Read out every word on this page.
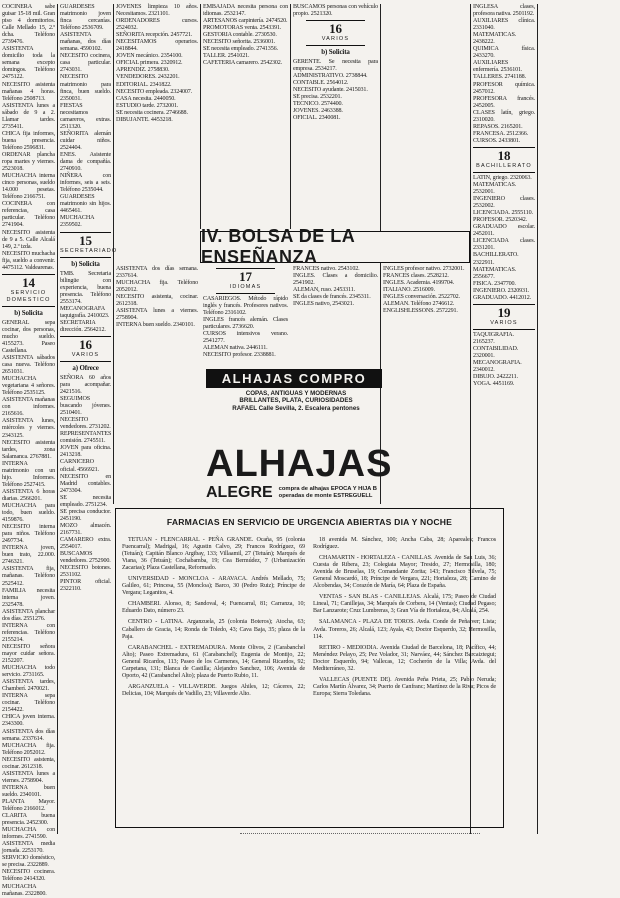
COCINERA sabe guisar 15-18 mil. Gran piso 4 dormitorios. Calle Mellado 15, 2.º dcha. Teléfono 2739476.

ASISTENTA domicilio toda la semana excepto domingos. Teléfono 2475122.

NECESITO asistenta mañanas 4 horas. Teléfono 2508713.

ASISTENTA lunes a sábado de 9 a 2. Llamar tardes. 2735411.

CHICA fija informes, buena presencia. Teléfono 2596831.

ORDENAR plancha ropa martes y viernes. 2523018.

MUCHACHA interna cinco personas, sueldo 14.000 pesetas. Teléfono 2166751.

COCINERA con referencias, casa particular. Teléfono 2741904.

NECESITO asistenta de 9 a 5. Calle Alcalá 149, 2.º izda.

NECESITO muchacha fija, sueldo a convenir. 4475112. Valdearenas.

14
SERVICIO DOMESTICO
b) Solicita

GENERAL sepa cocinar, dos personas, mucho sueldo. 4155273. Paseo Castellana.

ASISTENTA sábados casa nueva. Teléfono 2651031.

MUCHACHA vegetariana 4 señores. Teléfono 2535125.

ASISTENTA mañanas con informes. 2165616.

ASISTENTA lunes, miércoles y viernes. 2343125.

NECESITO asistenta tardes, zona Salamanca. 2767881.

INTERNA matrimonio con un hijo. Informes. Teléfono 2527415.

ASISTENTA 6 horas diarias. 2566201.

MUCHACHA para todo, buen sueldo. 4159876.

NECESITO interna para niños. Teléfono 2497734.

INTERNA joven, buen trato, 22.000. 2746321.

ASISTENTA fija, mañanas. Teléfono 2525412.

FAMILIA necesita interna joven. 2325478.

ASISTENTA planchar dos días. 2551276.

INTERNA con referencias. Teléfono 2155214.

NECESITO señora mayor cuidar señora. 2152207.

MUCHACHA todo servicio. 2731165.

ASISTENTA tardes, Chamberí. 2470021.

INTERNA sepa cocinar. Teléfono 2154422.

CHICA joven interna. 2343300.

ASISTENTA dos días semana. 2337614.

MUCHACHA fija. Teléfono 2052012.

NECESITO asistenta, cocinar. 2612318.

ASISTENTA lunes a viernes. 2758904.

INTERNA buen sueldo. 2340101.

PLANTA Mayor. Teléfono 2166012.

CLARITA buena presencia. 2452300.

MUCHACHA con informes. 2741590.

ASISTENTA media jornada. 2253170.

SERVICIO doméstico, se precisa. 2322889.

NECESITO cocinera. Teléfono 2414320.

MUCHACHA mañanas. 2322800.

GUARDESES matrimonio joven finca cercanías. Teléfono 2536709.

ASISTENTA mañanas, dos días semana. 4590102.

NECESITO cocinera, casa particular. 2743031.

NECESITO matrimonio para finca, buen sueldo. 2350031.

FIESTAS necesitamos camareros, extras. 2511320.

SEÑORITA alemán cuidar niños. 2524404.

ENES. Asistente dama de compañía. 2740910.

NIÑERA con informes, seis a seis. Teléfono 2535044.

GUARDESES matrimonio sin hijos. 4465461.

MUCHACHA 2359502.

15
SECRETARIADO
b) Solicita

TMB. Secretaria bilingüe con experiencia, buena presencia. Teléfono 2553174.

MECANOGRAFA taquigrafía. 2410023.

SECRETARIA dirección. 2564212.

16
VARIOS
a) Ofrece

SEÑORA 60 años para acompañar. 2421516.

SEGUIMOS buscando jóvenes. 2510401.

NECESITO vendedores. 2731202.

REPRESENTANTES comisión. 2745511.

JOVEN para oficina. 2413218.

CARNICERO oficial. 4566921.

NECESITO en Madrid contables. 2473304.

SE necesita empleado. 2751234.

SE precisa conductor. 2451190.

MOZO almacén. 2167731.

CAMARERO extra. 2554017.

BUSCAMOS vendedores. 2752900.

NECESITO botones. 2531102.

PINTOR oficial. 2322110.

JOVENES limpieza 10 años. Necesitamos. 2321101.

ORDENADORES cursos. 2524032.

SEÑORITA recepción. 2457721.

NECESITAMOS operarios. 2418844.

JOVEN mecánico. 2354100.

OFICIAL primera. 2320912.

APRENDIZ. 2758830.

VENDEDORES. 2432201.

EDITORIAL. 2341822.

NECESITO empleada. 2324007.

CASA necesita. 2440050.

ESTUDIO tarde. 2732001.

SE necesita cocinera. 2746688.

DIBUJANTE. 4453218.

EMBAJADA necesita persona con idiomas. 2532147.

ARTESANOS carpintería. 2474520.

PROMOTORAS venta. 2543391.

GESTORIA contable. 2730530.

NECESITO señorita. 2536001.

SE necesita empleado. 2741356.

TALLER. 2541021.

CAFETERIA camarero. 2542302.

BUSCAMOS personas con vehículo propio. 2521320.

16
VARIOS
b) Solicita

GERENTE. Se necesita para empresa. 2534217.

ADMINISTRATIVO. 2738844.

CONTABLE. 2564012.

NECESITO ayudante. 2415031.

SE precisa. 2532201.

TECNICO. 2574400.

JOVENES. 2463388.

OFICIAL. 2340081.

INGLESA clases, profesora nativa. 2501192.

AUXILIARES clínica. 2331040.

MATEMATICAS. 2438222.

QUIMICA física. 2433270.

AUXILIARES enfermería. 2536101.

TALLERES. 2741188.

PROFESOR química. 2457012.

PROFESORA francés. 2452005.

CLASES latín, griego. 2310020.

REPASOS. 2165201.

FRANCESA. 2512366.

CURSOS. 2433801.

18
BACHILLERATO

LATIN, griego. 2320063.

MATEMATICAS. 2532001.

INGENIERO clases. 2532002.

LICENCIADA. 2555110.

PROFESOR. 2520342.

GRADUADO escolar. 2452011.

LICENCIADA clases. 2331201.

BACHILLERATO. 2322911.

MATEMATICAS. 2556677.

FISICA. 2347700.

INGENIERO. 2320931.

GRADUADO. 4412012.

19
VARIOS

TAQUIGRAFIA. 2165237.

CONTABILIDAD. 2320001.

MECANOGRAFIA. 2340012.

DIBUJO. 2422211.

YOGA. 4451169.

IV. BOLSA DE LA ENSEÑANZA
17
IDIOMAS

CASARIEGOS. Método rápido inglés y francés. Profesores nativos. Teléfono 2316102.

INGLES francés alemán. Clases particulares. 2736620.

CURSOS intensivos verano. 2541277.

ALEMAN nativa. 2446111.

NECESITO profesor. 2338881.

FRANCES nativo. 2543102.

INGLES. Clases a domicilio. 2541902.

ALEMAN, ruso. 2453311.

SE da clases de francés. 2345311.

INGLES nativo, 2543021.

INGLES profesor nativo. 2732001.

FRANCES clases. 2528212.

INGLES. Academia. 4199704.

ITALIANO. 2516009.

INGLES conversación. 2522702.

ALEMAN. Teléfono 2746612.

ENGLISHLESSONS. 2572291.

ASISTENTA dos días semana. 2337614.

MUCHACHA fija. Teléfono 2052012.

NECESITO asistenta, cocinar. 2612318.

ASISTENTA lunes a viernes. 2758904.

INTERNA buen sueldo. 2340101.

ALHAJAS COMPRO
COPAS, ANTIGUAS Y MODERNAS
BRILLANTES, PLATA, CURIOSIDADES
RAFAEL Calle Sevilla, 2. Escalera pentones
ALHAJAS
ALEGRE compra de alhajas EPOCA Y HIJA B
operadas de monte ESTREGUELL
FARMACIAS EN SERVICIO DE URGENCIA ABIERTAS DIA Y NOCHE

TETUAN - FLENCARRAL - PEÑA GRANDE. Ocaña, 95 (colonia Fuencarral); Madrigal, 16; Agustin Calvo, 29; Francos Rodríguez, 69 (Tetuán); Capitán Blanco Argibay, 133; Villaamil, 27 (Tetuán); Marqués de Viana, 36 (Tetuán); Cochabamba, 19; Cea Bermúdez, 7 (Urbanización Zacarias); Plaza Castellana, Reformado.

UNIVERSIDAD - MONCLOA - ARAVACA. Andrés Mellado, 75; Galileo, 61; Princesa, 55 (Moncloa); Barco, 30 (Pedro Ruiz); Príncipe de Vergara; Leganitos, 4.

CHAMBERI. Alonso, 8; Sandoval, 4; Fuencarral, 81; Carranza, 10; Eduardo Dato, número 23.

CENTRO - LATINA. Arganzuela, 25 (colonia Boteros); Atocha, 63; Caballero de Gracia, 14; Ronda de Toledo, 43; Cava Baja, 35; plaza de la Paja.

CARABANCHEL - EXTREMADURA. Monte Olivos, 2 (Carabanchel Alto); Paseo Extremadura, 61 (Carabanchel); Eugenia de Montijo, 22; General Ricardos, 113; Paseo de los Carmenes, 14; General Ricardos, 92; Carpetana, 131; Blanca de Castilla; Alejandro Sanchez, 106; Avenida de Oporto, 42 (Carabanchel Alto); plaza de Puerto Rubio, 11.

ARGANZUELA - VILLAVERDE. Juegos Ahiles, 12; Cáceres, 22; Delicias, 104; Marqués de Vadillo, 23; Villaverde Alto.

18 avenida M. Sánchez, 100; Ancha Caba, 28; Apareales; Francos Rodríguez.

CHAMARTIN - HORTALEZA - CANILLAS. Avenida de San Luis, 36; Cuesta de Ribera, 23; Colegiata Mayor; Tresido, 27; Hermosilla, 180; Avenida de Bruselas, 19; Comandante Zorita; 143; Francisco Silvela, 75; General Moscardó, 18; Príncipe de Vergara, 221; Hortaleza, 28; Camino de Alcobendas, 34; Corazón de María, 64; Plaza de España.

VENTAS - SAN BLAS - CANILLEJAS. Alcalá, 175; Paseo de Ciudad Lineal, 71; Canillejas, 34; Marqués de Corbera, 14 (Ventas); Ciudad Pegaso; Bar Lanzarote; Cruz Lumbreras, 3; Gran Vía de Hortaleza, 84; Alcalá, 254.

SALAMANCA - PLAZA DE TOROS. Avda. Conde de Peñalver; Lista; Avda. Toreros, 26; Alcalá, 123; Ayala, 43; Doctor Esquerdo, 32; Hermosilla, 114.

RETIRO - MEDIODIA. Avenida Ciudad de Barcelona, 18; Pacífico, 44; Menéndez Pelayo, 25; Pez Volador, 31; Narváez, 44; Sánchez Barcaiztegui; Doctor Esquerdo, 94; Vallecas, 12; Cocherón de la Villa; Avda. del Mediterráneo, 32.

VALLECAS (PUENTE DE). Avenida Peña Prieta, 25; Pablo Neruda; Carlos Martín Álvarez, 34; Puerto de Canfranc; Martínez de la Riva; Picos de Europa; Sierra Toledana.
